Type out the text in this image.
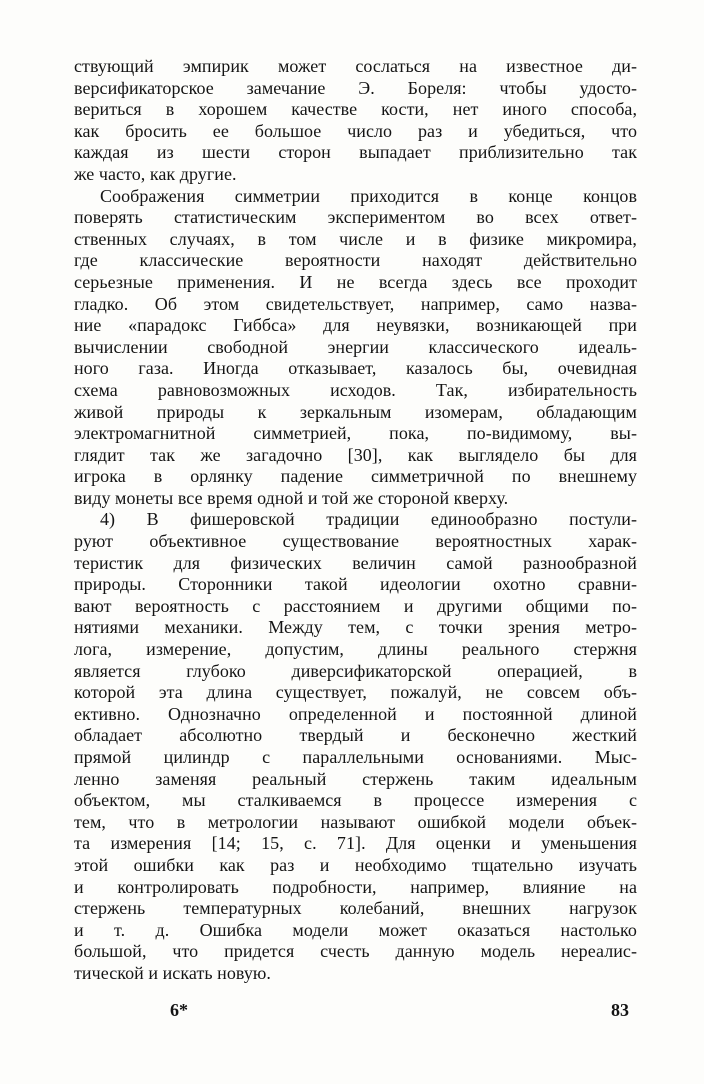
ствующий эмпирик может сослаться на известное ди-
версификаторское замечание Э. Бореля: чтобы удосто-
вериться в хорошем качестве кости, нет иного способа,
как бросить ее большое число раз и убедиться, что
каждая из шести сторон выпадает приблизительно так
же часто, как другие.
Соображения симметрии приходится в конце концов
поверять статистическим экспериментом во всех ответ-
ственных случаях, в том числе и в физике микромира,
где классические вероятности находят действительно
серьезные применения. И не всегда здесь все проходит
гладко. Об этом свидетельствует, например, само назва-
ние «парадокс Гиббса» для неувязки, возникающей при
вычислении свободной энергии классического идеаль-
ного газа. Иногда отказывает, казалось бы, очевидная
схема равновозможных исходов. Так, избирательность
живой природы к зеркальным изомерам, обладающим
электромагнитной симметрией, пока, по-видимому, вы-
глядит так же загадочно [30], как выглядело бы для
игрока в орлянку падение симметричной по внешнему
виду монеты все время одной и той же стороной кверху.
4) В фишеровской традиции единообразно постули-
руют объективное существование вероятностных харак-
теристик для физических величин самой разнообразной
природы. Сторонники такой идеологии охотно сравни-
вают вероятность с расстоянием и другими общими по-
нятиями механики. Между тем, с точки зрения метро-
лога, измерение, допустим, длины реального стержня
является глубоко диверсификаторской операцией, в
которой эта длина существует, пожалуй, не совсем объ-
ективно. Однозначно определенной и постоянной длиной
обладает абсолютно твердый и бесконечно жесткий
прямой цилиндр с параллельными основаниями. Мыс-
ленно заменяя реальный стержень таким идеальным
объектом, мы сталкиваемся в процессе измерения с
тем, что в метрологии называют ошибкой модели объек-
та измерения [14; 15, с. 71]. Для оценки и уменьшения
этой ошибки как раз и необходимо тщательно изучать
и контролировать подробности, например, влияние на
стержень температурных колебаний, внешних нагрузок
и т. д. Ошибка модели может оказаться настолько
большой, что придется счесть данную модель нереалис-
тической и искать новую.
6*	83
